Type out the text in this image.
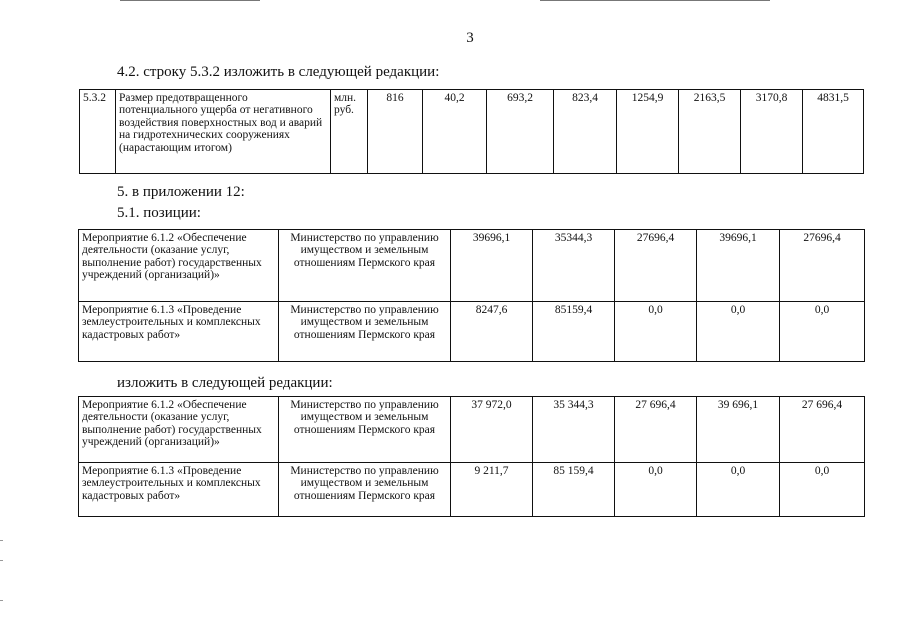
3
4.2. строку 5.3.2 изложить в следующей редакции:
5.3.2	Размер предотвращенного потенциального ущерба от негативного воздействия поверхностных вод и аварий на гидротехнических сооружениях (нарастающим итогом)	млн. руб.	816	40,2	693,2	823,4	1254,9	2163,5	3170,8	4831,5
5. в приложении 12:
5.1. позиции:
Мероприятие 6.1.2 «Обеспечение деятельности (оказание услуг, выполнение работ) государственных учреждений (организаций)»	Министерство по управлению имуществом и земельным отношениям Пермского края	39696,1	35344,3	27696,4	39696,1	27696,4
Мероприятие 6.1.3 «Проведение землеустроительных и комплексных кадастровых работ»	Министерство по управлению имуществом и земельным отношениям Пермского края	8247,6	85159,4	0,0	0,0	0,0
изложить в следующей редакции:
Мероприятие 6.1.2 «Обеспечение деятельности (оказание услуг, выполнение работ) государственных учреждений (организаций)»	Министерство по управлению имуществом и земельным отношениям Пермского края	37 972,0	35 344,3	27 696,4	39 696,1	27 696,4
Мероприятие 6.1.3 «Проведение землеустроительных и комплексных кадастровых работ»	Министерство по управлению имуществом и земельным отношениям Пермского края	9 211,7	85 159,4	0,0	0,0	0,0
